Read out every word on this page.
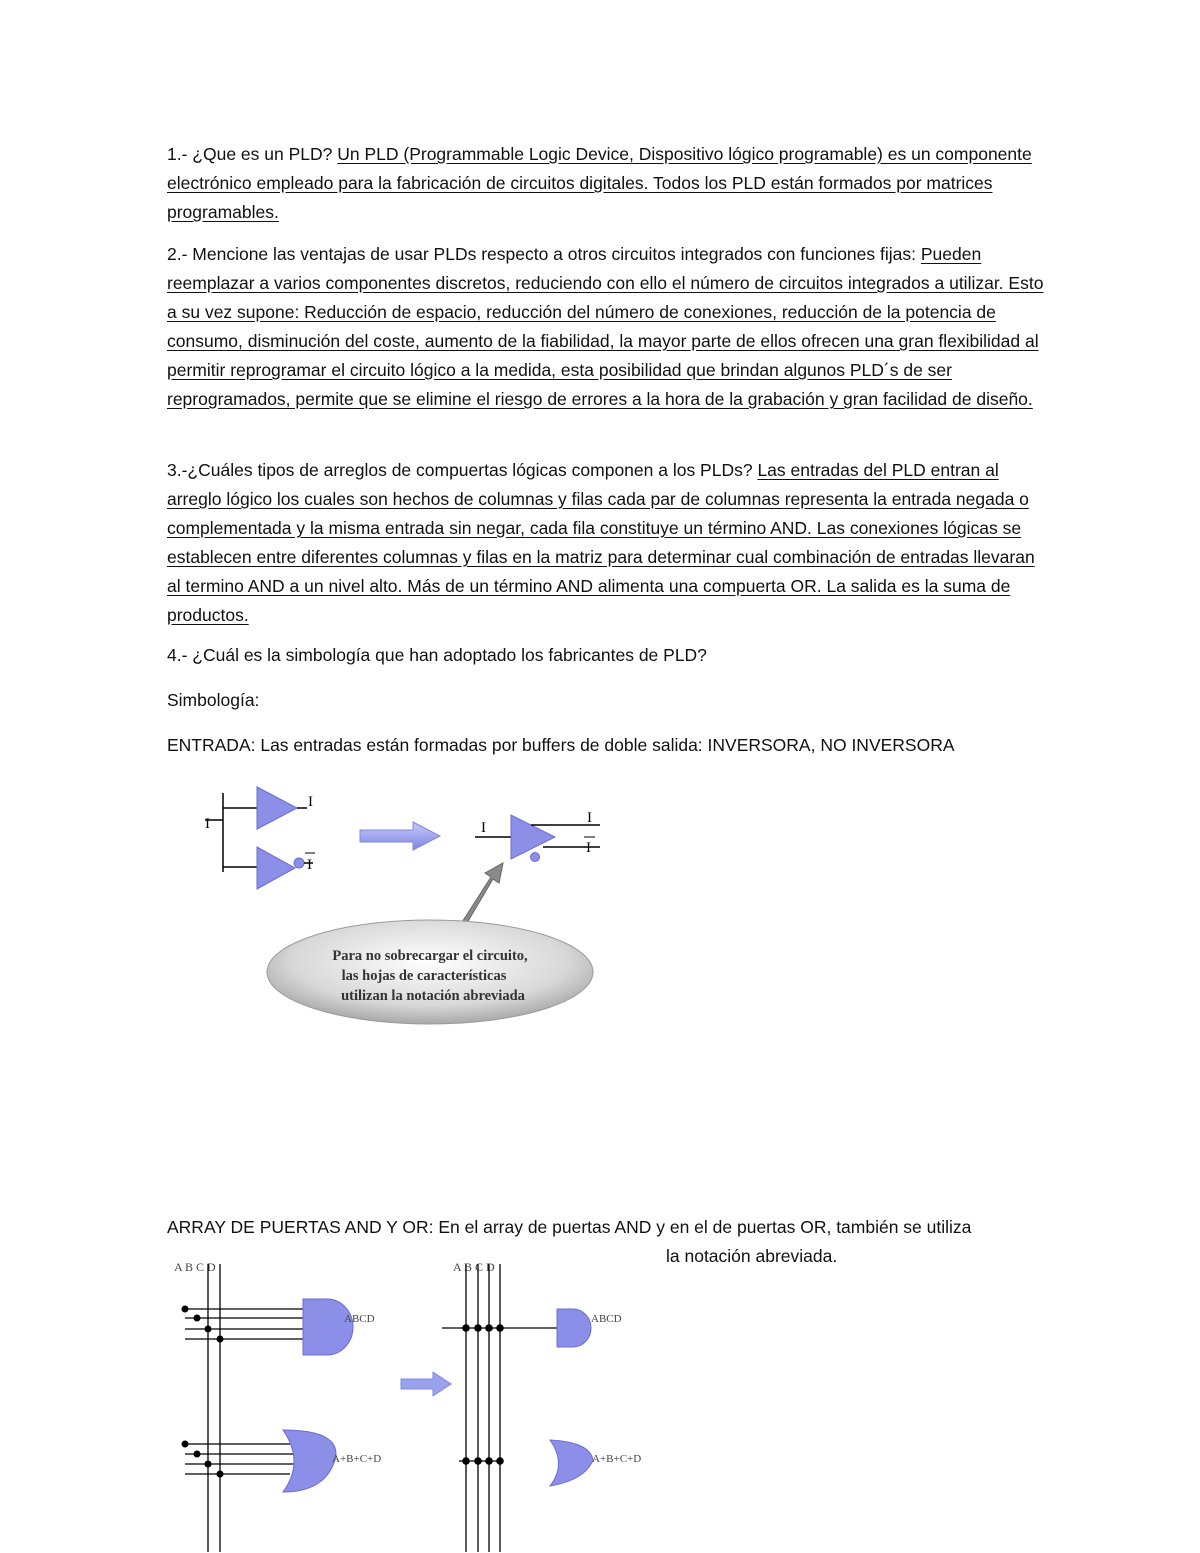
1.- ¿Que es un PLD? Un PLD (Programmable Logic Device, Dispositivo lógico programable) es un componente electrónico empleado para la fabricación de circuitos digitales. Todos los PLD están formados por matrices programables.

2.- Mencione las ventajas de usar PLDs respecto a otros circuitos integrados con funciones fijas: Pueden reemplazar a varios componentes discretos, reduciendo con ello el número de circuitos integrados a utilizar. Esto a su vez supone: Reducción de espacio, reducción del número de conexiones, reducción de la potencia de consumo, disminución del coste, aumento de la fiabilidad, la mayor parte de ellos ofrecen una gran flexibilidad al permitir reprogramar el circuito lógico a la medida, esta posibilidad que brindan algunos PLD´s de ser reprogramados, permite que se elimine el riesgo de errores a la hora de la grabación y gran facilidad de diseño.

3.-¿Cuáles tipos de arreglos de compuertas lógicas componen a los PLDs? Las entradas del PLD entran al arreglo lógico los cuales son hechos de columnas y filas cada par de columnas representa la entrada negada o complementada y la misma entrada sin negar, cada fila constituye un término AND. Las conexiones lógicas se establecen entre diferentes columnas y filas en la matriz para determinar cual combinación de entradas llevaran al termino AND a un nivel alto. Más de un término AND alimenta una compuerta OR. La salida es la suma de productos.

4.- ¿Cuál es la simbología que han adoptado los fabricantes de PLD?

Simbología:

ENTRADA: Las entradas están formadas por buffers de doble salida: INVERSORA, NO INVERSORA

I
I
I
I
I
I
Para no sobrecargar el circuito,
las hojas de características
utilizan la notación abreviada

ARRAY DE PUERTAS AND Y OR: En el array de puertas AND y en el de puertas OR, también se utiliza

la notación abreviada.
A B C D
ABCD
A+B+C+D
A B C D
ABCD
A+B+C+D
